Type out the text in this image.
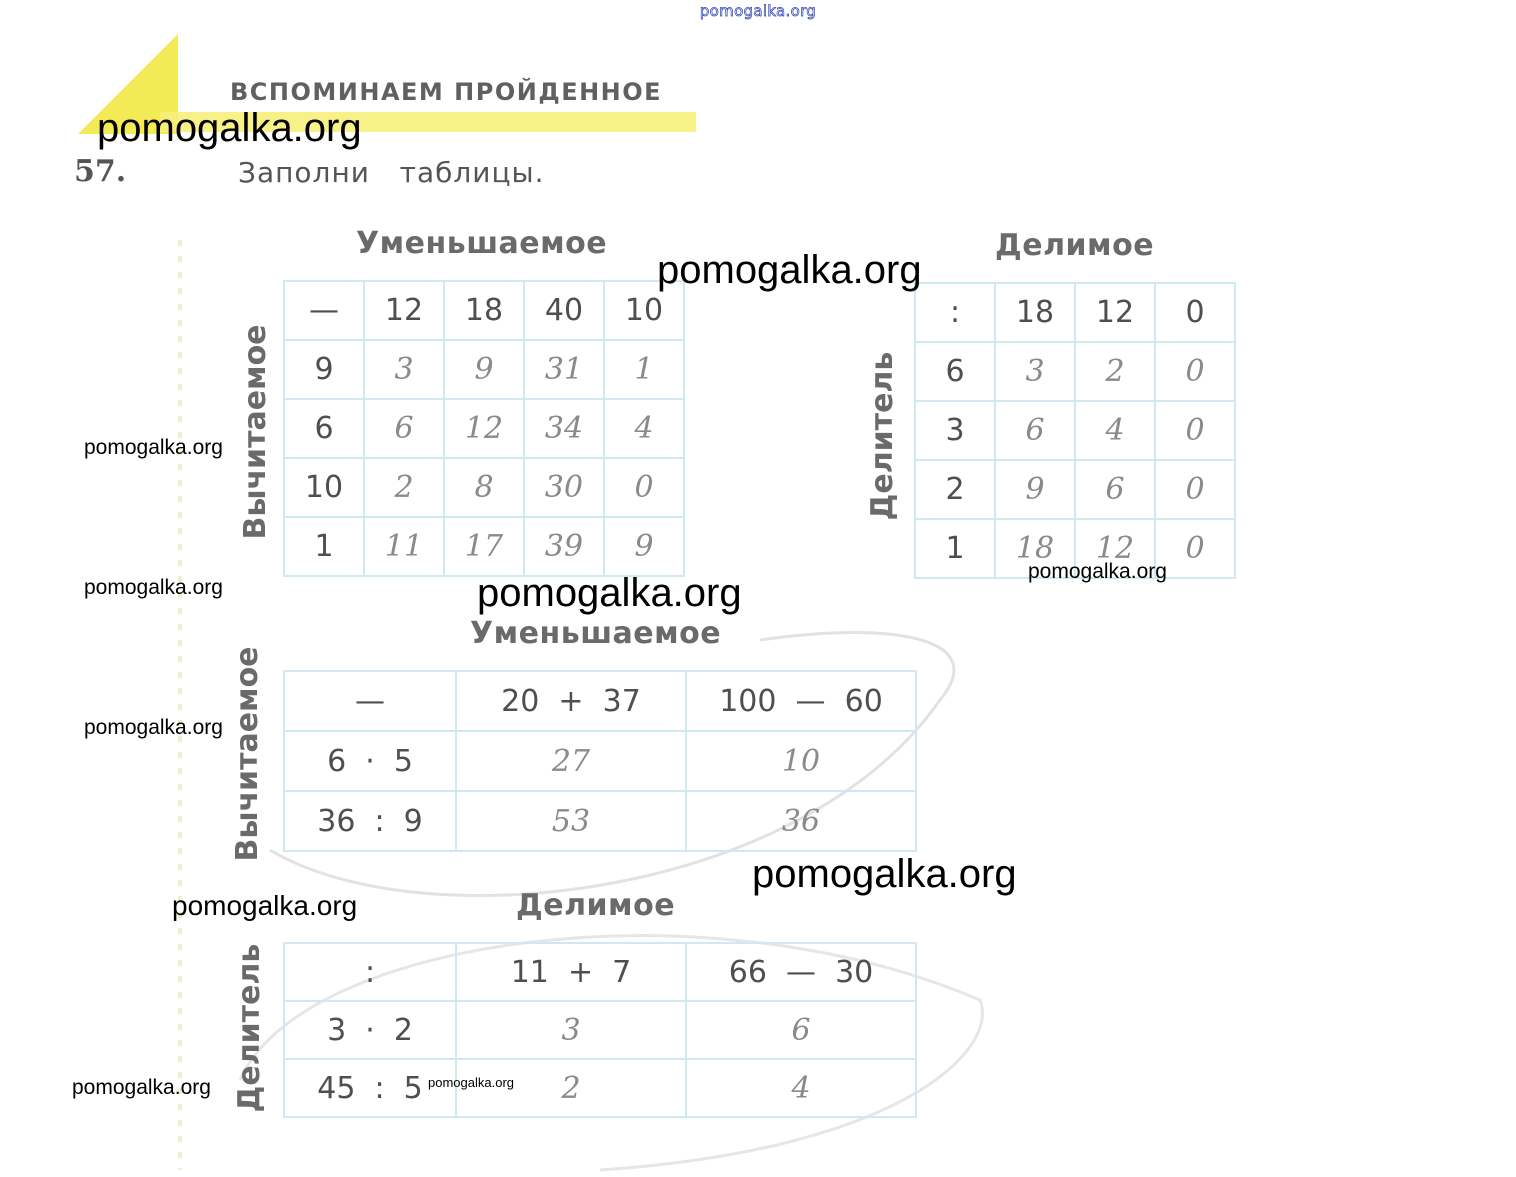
pomogalka.org
ВСПОМИНАЕМ ПРОЙДЕННОЕ
57.	Заполни   таблицы.
Уменьшаемое
Вычитаемое
—	12	18	40	10
9	3	9	31	1
6	6	12	34	4
10	2	8	30	0
1	11	17	39	9
Делимое
Делитель
:	18	12	0
6	3	2	0
3	6	4	0
2	9	6	0
1	18	12	0
Уменьшаемое
Вычитаемое	—	20  +  37	100  —  60
6  ·  5	27	10
36  :  9	53	36
Делимое
Делитель	:	11  +  7	66  —  30
3  ·  2	3	6
45  :  5	2	4
pomogalka.org
pomogalka.org
pomogalka.org
pomogalka.org
pomogalka.org
pomogalka.org
pomogalka.org
pomogalka.org
pomogalka.org
pomogalka.org	pomogalka.org
